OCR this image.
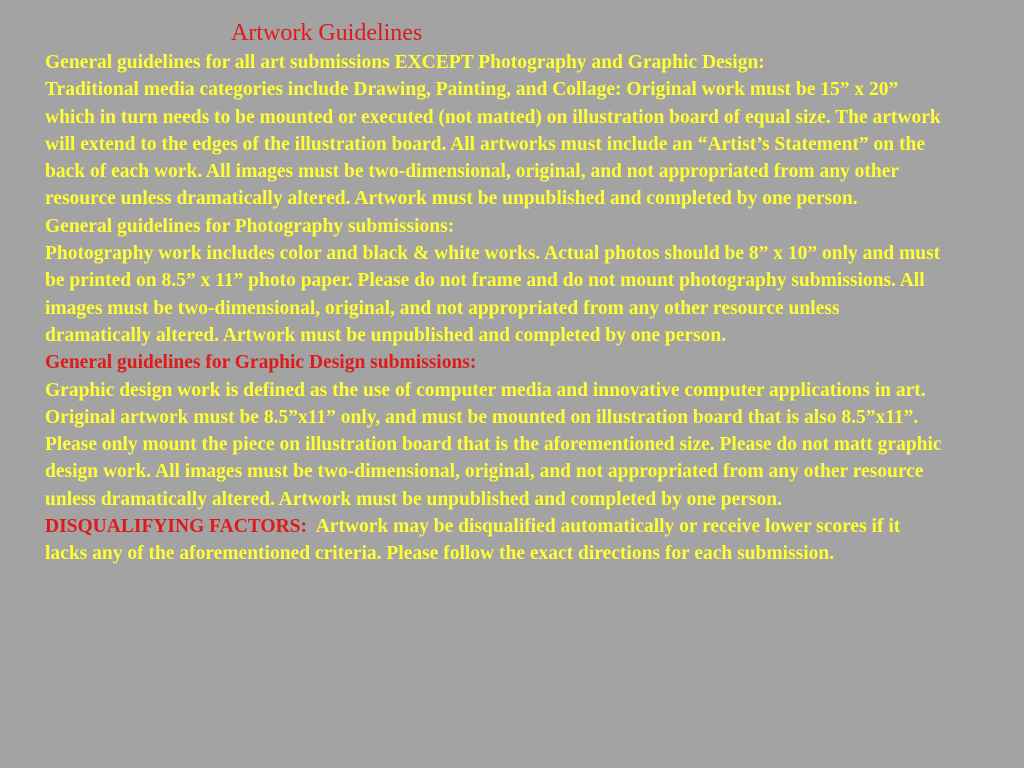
Artwork Guidelines

General guidelines for all art submissions EXCEPT Photography and Graphic Design:

Traditional media categories include Drawing, Painting, and Collage: Original work must be 15” x 20” which in turn needs to be mounted or executed (not matted) on illustration board of equal size. The artwork will extend to the edges of the illustration board. All artworks must include an “Artist’s Statement” on the back of each work. All images must be two-dimensional, original, and not appropriated from any other resource unless dramatically altered. Artwork must be unpublished and completed by one person.

General guidelines for Photography submissions:

Photography work includes color and black & white works. Actual photos should be 8” x 10” only and must be printed on 8.5” x 11” photo paper. Please do not frame and do not mount photography submissions. All images must be two-dimensional, original, and not appropriated from any other resource unless dramatically altered. Artwork must be unpublished and completed by one person.

General guidelines for Graphic Design submissions:

Graphic design work is defined as the use of computer media and innovative computer applications in art. Original artwork must be 8.5”x11” only, and must be mounted on illustration board that is also 8.5”x11”. Please only mount the piece on illustration board that is the aforementioned size. Please do not matt graphic design work. All images must be two-dimensional, original, and not appropriated from any other resource unless dramatically altered. Artwork must be unpublished and completed by one person.

DISQUALIFYING FACTORS:  Artwork may be disqualified automatically or receive lower scores if it lacks any of the aforementioned criteria. Please follow the exact directions for each submission.
